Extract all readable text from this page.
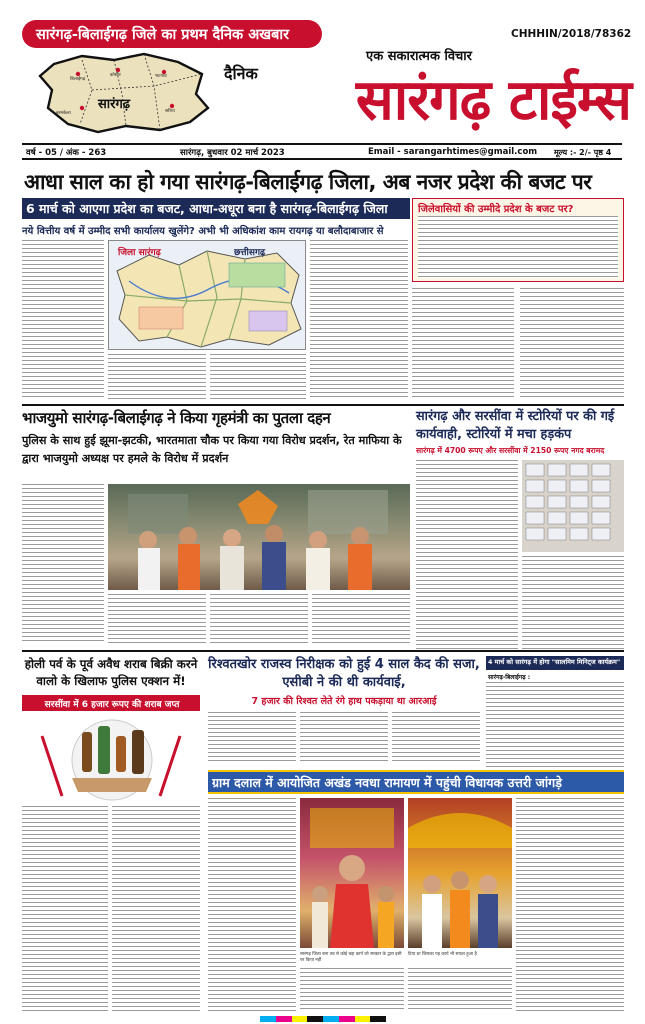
सारंगढ़-बिलाईगढ़ जिले का प्रथम दैनिक अखबार	CHHHIN/2018/78362
एक सकारात्मक विचार
बिलाईगढ़
कोसीर	भटगांव
बरमकेला	सरिया
सारंगढ़
दैनिक	सारंगढ़ टाईम्स
वर्ष - 05 / अंक - 263	सारंगढ़, बुधवार 02 मार्च 2023	Email - sarangarhtimes@gmail.com मूल्य :- 2/- पृष्ठ 4
आधा साल का हो गया सारंगढ़-बिलाईगढ़ जिला, अब नजर प्रदेश की बजट पर
6 मार्च को आएगा प्रदेश का बजट, आधा-अधूरा बना है सारंगढ़-बिलाईगढ़ जिला
नये वित्तीय वर्ष में उम्मीद सभी कार्यालय खुलेंगे? अभी भी अधिकांश काम रायगढ़ या बलौदाबाजार से
जिला सारंगढ़	छत्तीसगढ़
जिलेवासियों की उम्मीदे प्रदेश के बजट पर?
भाजयुमो सारंगढ़-बिलाईगढ़ ने किया गृहमंत्री का पुतला दहन
पुलिस के साथ हुई झूमा-झटकी, भारतमाता चौक पर किया गया विरोध प्रदर्शन, रेत माफिया के द्वारा भाजयुमो अध्यक्ष पर हमले के विरोध में प्रदर्शन
सारंगढ़ और सरसींवा में स्टोरियों पर की गई कार्यवाही, स्टोरियों में मचा हड़कंप
सारंगढ़ में 4700 रूपए और सरसींवा में 2150 रूपए नगद बरामद
होली पर्व के पूर्व अवैध शराब बिक्री करने वालो के खिलाफ पुलिस एक्शन में!
सरसींवा में 6 हजार रूपए की शराब जप्त
रिश्वतखोर राजस्व निरीक्षक को हुई 4 साल कैद की सजा, एसीबी ने की थी कार्यवाई,
7 हजार की रिश्वत लेते रंगे हाथ पकड़ाया था आरआई
4 मार्च को सारंगढ़ में होगा "सालमिम मिनिट्ज कार्यक्रम"
सारंगढ़-बिलाईगढ़ :
ग्राम दलाल में आयोजित अखंड नवधा रामायण में पहुंची विधायक उत्तरी जांगड़े
सारंगढ़ जिला बना तब से कोई बड़ा कार्य जो सरकार के द्वारा इसी पर किया नहीं
दिया था जिसका यह कार्य भी सफल हुआ है
